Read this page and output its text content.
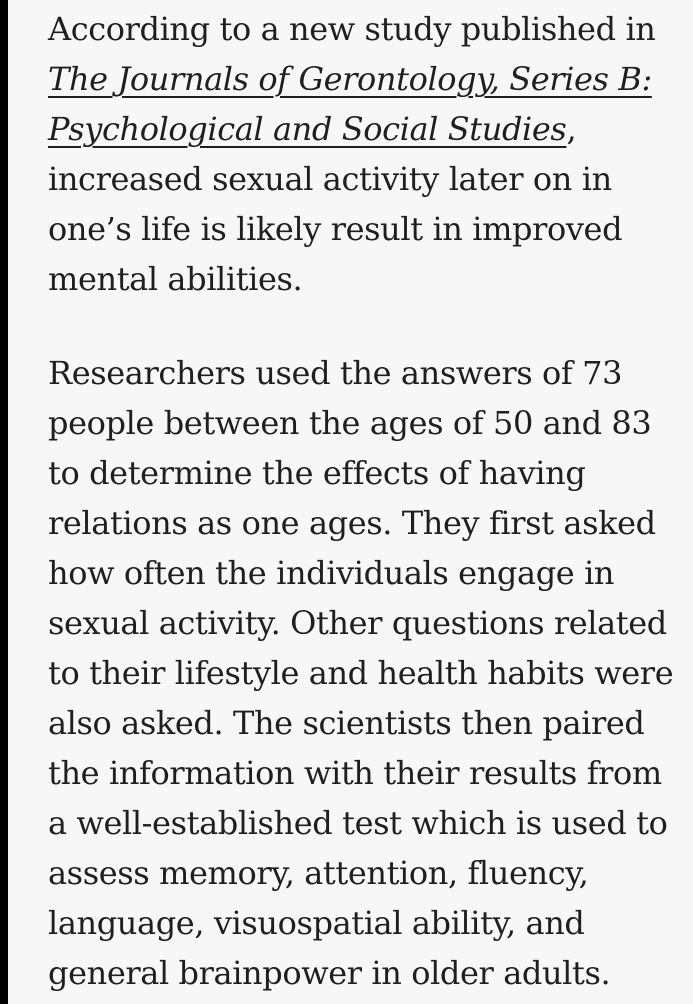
According to a new study published in
The Journals of Gerontology, Series B:
Psychological and Social Studies,
increased sexual activity later on in
one’s life is likely result in improved
mental abilities.
Researchers used the answers of 73
people between the ages of 50 and 83
to determine the effects of having
relations as one ages. They first asked
how often the individuals engage in
sexual activity. Other questions related
to their lifestyle and health habits were
also asked. The scientists then paired
the information with their results from
a well-established test which is used to
assess memory, attention, fluency,
language, visuospatial ability, and
general brainpower in older adults.
